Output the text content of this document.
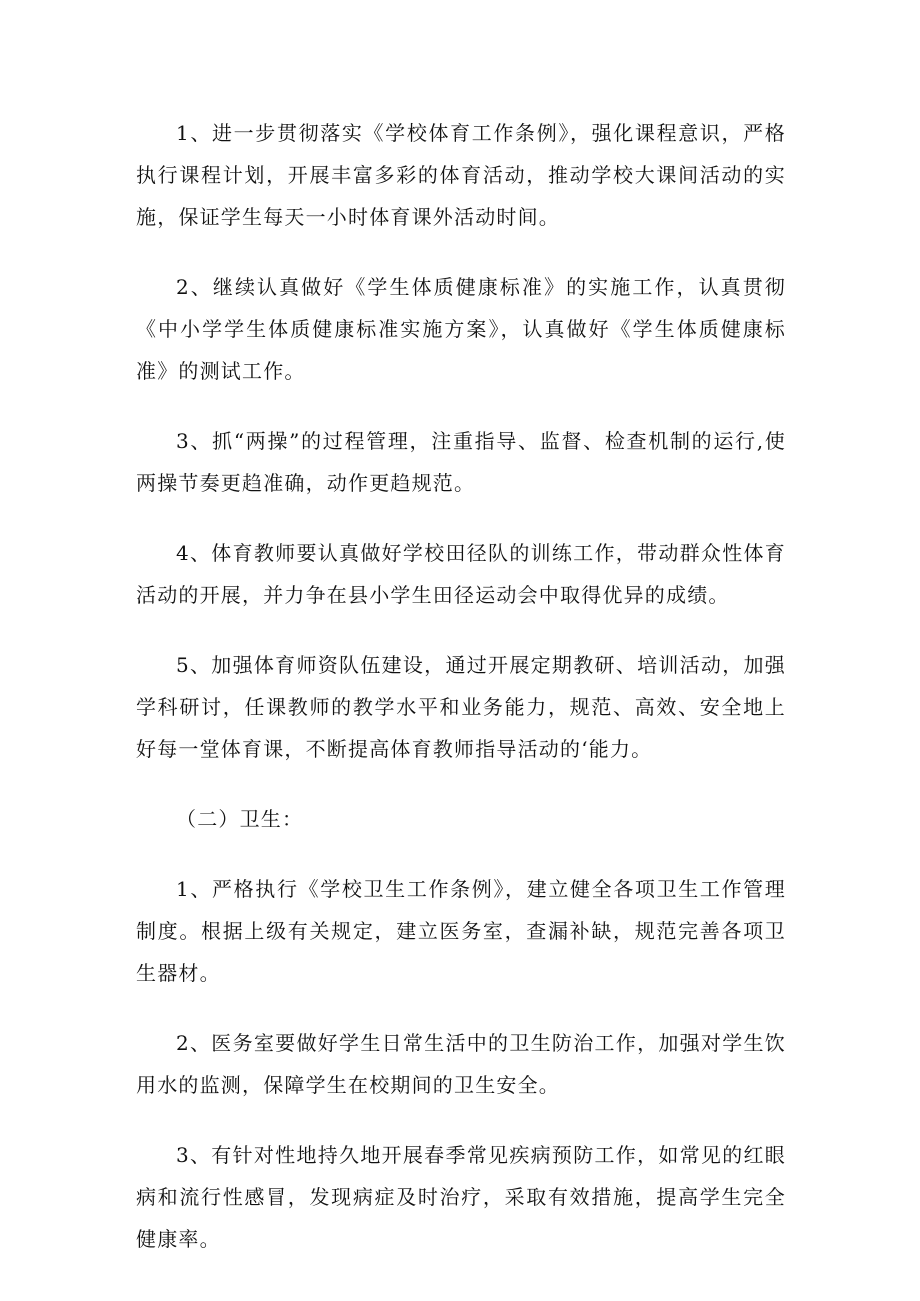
1、进一步贯彻落实《学校体育工作条例》，强化课程意识，严格执行课程计划，开展丰富多彩的体育活动，推动学校大课间活动的实施，保证学生每天一小时体育课外活动时间。

2、继续认真做好《学生体质健康标准》的实施工作，认真贯彻《中小学学生体质健康标准实施方案》，认真做好《学生体质健康标准》的测试工作。

3、抓“两操”的过程管理，注重指导、监督、检查机制的运行,使两操节奏更趋准确，动作更趋规范。

4、体育教师要认真做好学校田径队的训练工作，带动群众性体育活动的开展，并力争在县小学生田径运动会中取得优异的成绩。

5、加强体育师资队伍建设，通过开展定期教研、培训活动，加强学科研讨，任课教师的教学水平和业务能力，规范、高效、安全地上好每一堂体育课，不断提高体育教师指导活动的‘能力。

（二）卫生：

1、严格执行《学校卫生工作条例》，建立健全各项卫生工作管理制度。根据上级有关规定，建立医务室，查漏补缺，规范完善各项卫生器材。

2、医务室要做好学生日常生活中的卫生防治工作，加强对学生饮用水的监测，保障学生在校期间的卫生安全。

3、有针对性地持久地开展春季常见疾病预防工作，如常见的红眼病和流行性感冒，发现病症及时治疗，采取有效措施，提高学生完全健康率。
